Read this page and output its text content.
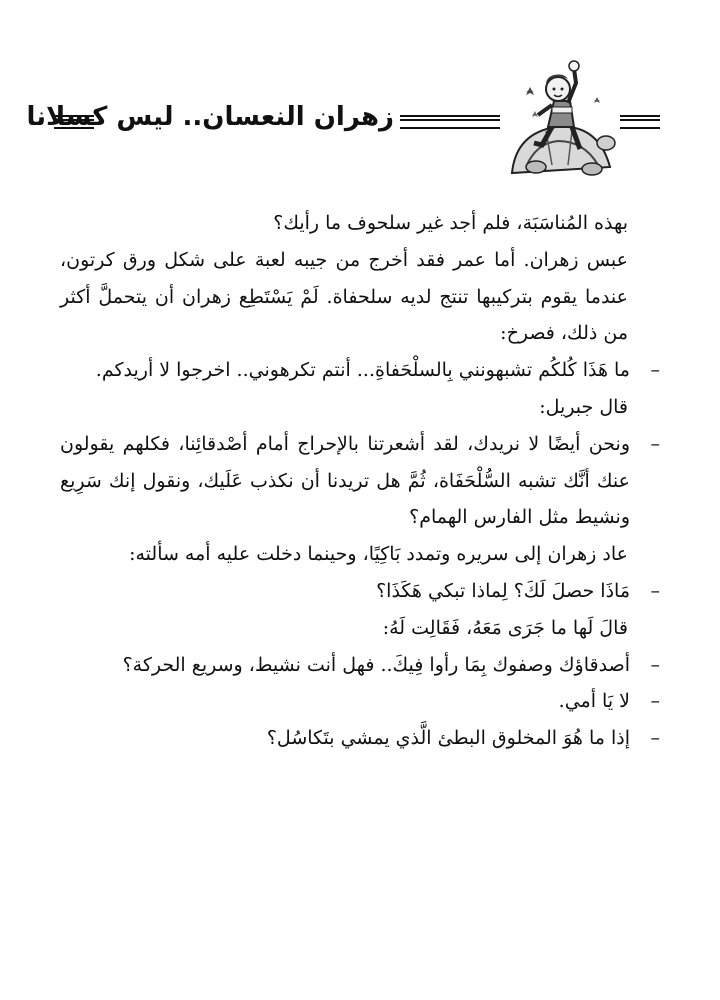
زهران النعسان.. ليس كسلانا

بهذه المُناسَبَة، فلم أجد غير سلحوف ما رأيك؟

عبس زهران. أما عمر فقد أخرج من جيبه لعبة على شكل ورق كرتون، عندما يقوم بتركيبها تنتج لديه سلحفاة. لَمْ يَسْتَطِع زهران أن يتحملَّ أكثر من ذلك، فصرخ:

–ما هَذَا كُلكُم تشبهونني بِالسلْحَفاةِ... أنتم تكرهوني.. اخرجوا لا أريدكم.

قال جبريل:

–ونحن أيضًا لا نريدك، لقد أشعرتنا بالإحراج أمام أصْدقائِنا، فكلهم يقولون عنك أنَّك تشبه السُّلْحَفَاة، ثُمَّ هل تريدنا أن نكذب عَلَيك، ونقول إنك سَرِيع ونشيط مثل الفارس الهمام؟

عاد زهران إلى سريره وتمدد بَاكِيًا، وحينما دخلت عليه أمه سألته:

–مَاذَا حصلَ لَكَ؟ لِماذا تبكي هَكَذَا؟

قالَ لَها ما جَرَى مَعَهُ، فَقَالِت لَهُ:

–أصدقاؤك وصفوك بِمَا رأوا فِيكَ.. فهل أنت نشيط، وسريع الحركة؟

–لا يَا أمي.

–إذا ما هُوَ المخلوق البطئ الَّذي يمشي بتَكاسُل؟
